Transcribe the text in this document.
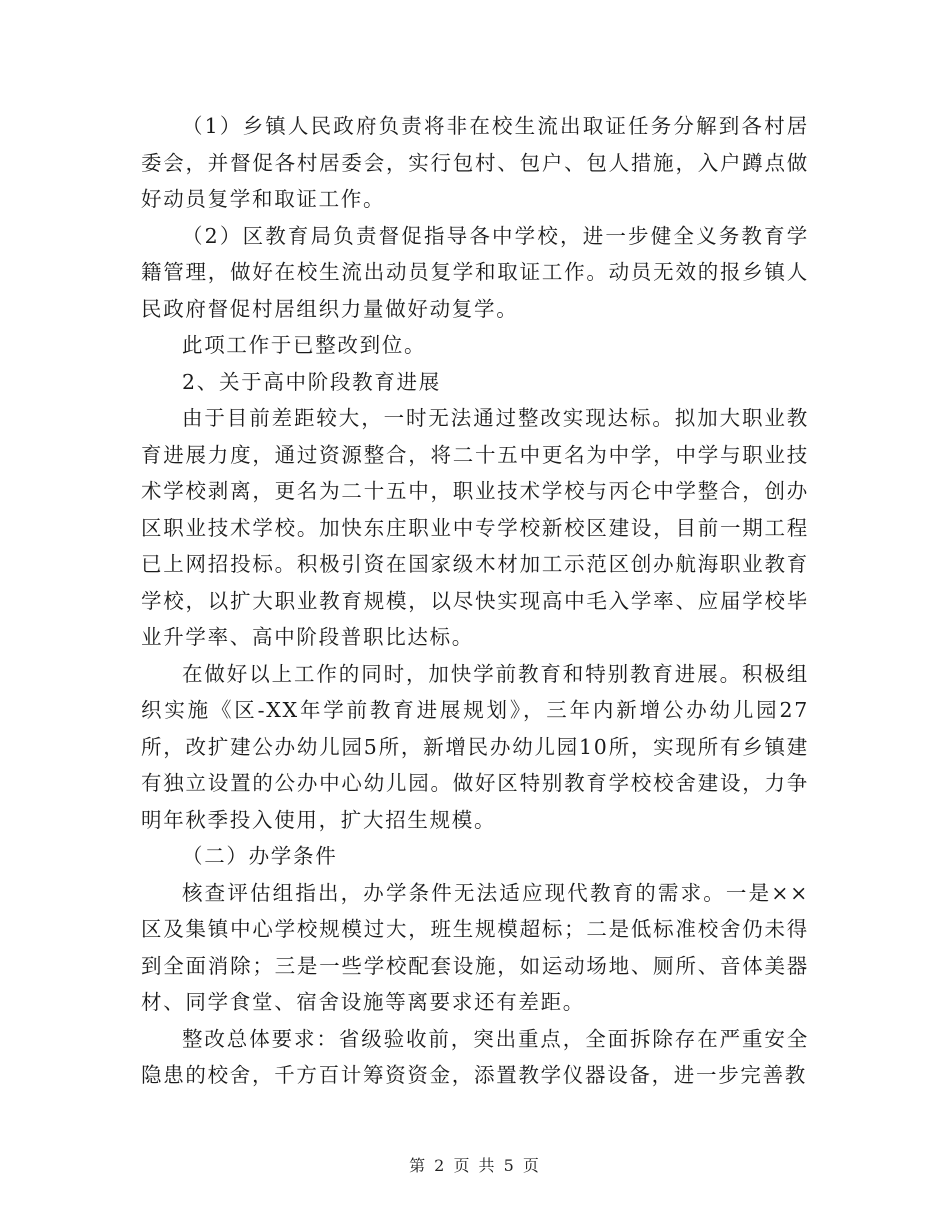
（1）乡镇人民政府负责将非在校生流出取证任务分解到各村居委会，并督促各村居委会，实行包村、包户、包人措施，入户蹲点做好动员复学和取证工作。

（2）区教育局负责督促指导各中学校，进一步健全义务教育学籍管理，做好在校生流出动员复学和取证工作。动员无效的报乡镇人民政府督促村居组织力量做好动复学。

此项工作于已整改到位。

2、关于高中阶段教育进展

由于目前差距较大，一时无法通过整改实现达标。拟加大职业教育进展力度，通过资源整合，将二十五中更名为中学，中学与职业技术学校剥离，更名为二十五中，职业技术学校与丙仑中学整合，创办区职业技术学校。加快东庄职业中专学校新校区建设，目前一期工程已上网招投标。积极引资在国家级木材加工示范区创办航海职业教育学校，以扩大职业教育规模，以尽快实现高中毛入学率、应届学校毕业升学率、高中阶段普职比达标。

在做好以上工作的同时，加快学前教育和特别教育进展。积极组织实施《区-XX年学前教育进展规划》，三年内新增公办幼儿园27所，改扩建公办幼儿园5所，新增民办幼儿园10所，实现所有乡镇建有独立设置的公办中心幼儿园。做好区特别教育学校校舍建设，力争明年秋季投入使用，扩大招生规模。

（二）办学条件

核查评估组指出，办学条件无法适应现代教育的需求。一是××区及集镇中心学校规模过大，班生规模超标；二是低标准校舍仍未得到全面消除；三是一些学校配套设施，如运动场地、厕所、音体美器材、同学食堂、宿舍设施等离要求还有差距。

整改总体要求：省级验收前，突出重点，全面拆除存在严重安全隐患的校舍，千方百计筹资资金，添置教学仪器设备，进一步完善教

第 2 页 共 5 页
